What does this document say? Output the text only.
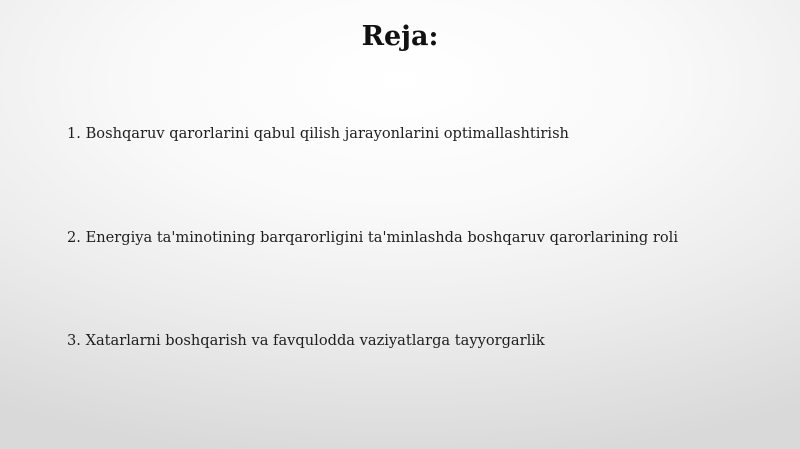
Reja:

1. Boshqaruv qarorlarini qabul qilish jarayonlarini optimallashtirish

2. Energiya ta'minotining barqarorligini ta'minlashda boshqaruv qarorlarining roli

3. Xatarlarni boshqarish va favqulodda vaziyatlarga tayyorgarlik
